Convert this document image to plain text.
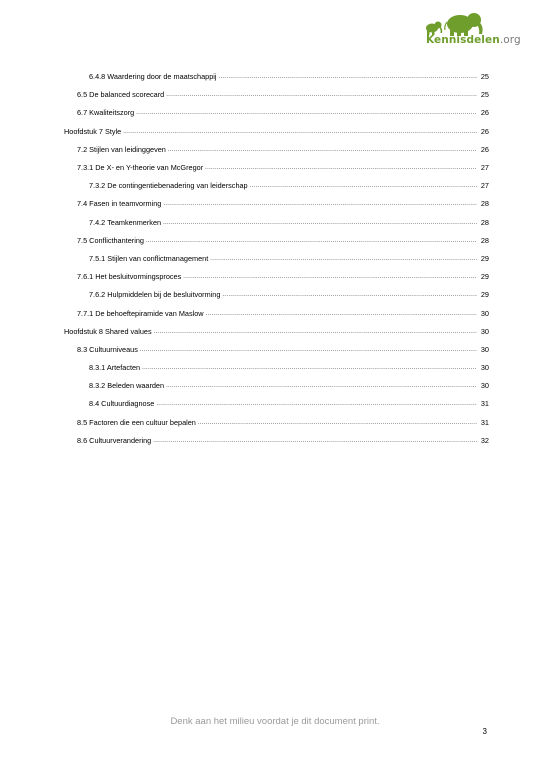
Kennisdelen.org
6.4.8 Waardering door de maatschappij .....	25
6.5 De balanced scorecard .....	25
6.7 Kwaliteitszorg .....	26
Hoofdstuk 7 Style .....	26
7.2 Stijlen van leidinggeven .....	26
7.3.1 De X- en Y-theorie van McGregor .....	27
7.3.2 De contingentiebenadering van leiderschap .....	27
7.4 Fasen in teamvorming .....	28
7.4.2 Teamkenmerken .....	28
7.5 Conflicthantering .....	28
7.5.1 Stijlen van conflictmanagement .....	29
7.6.1 Het besluitvormingsproces .....	29
7.6.2 Hulpmiddelen bij de besluitvorming .....	29
7.7.1 De behoeftepiramide van Maslow .....	30
Hoofdstuk 8 Shared values .....	30
8.3 Cultuurniveaus .....	30
8.3.1 Artefacten .....	30
8.3.2 Beleden waarden .....	30
8.4 Cultuurdiagnose .....	31
8.5 Factoren die een cultuur bepalen .....	31
8.6 Cultuurverandering .....	32
Denk aan het milieu voordat je dit document print.
3
